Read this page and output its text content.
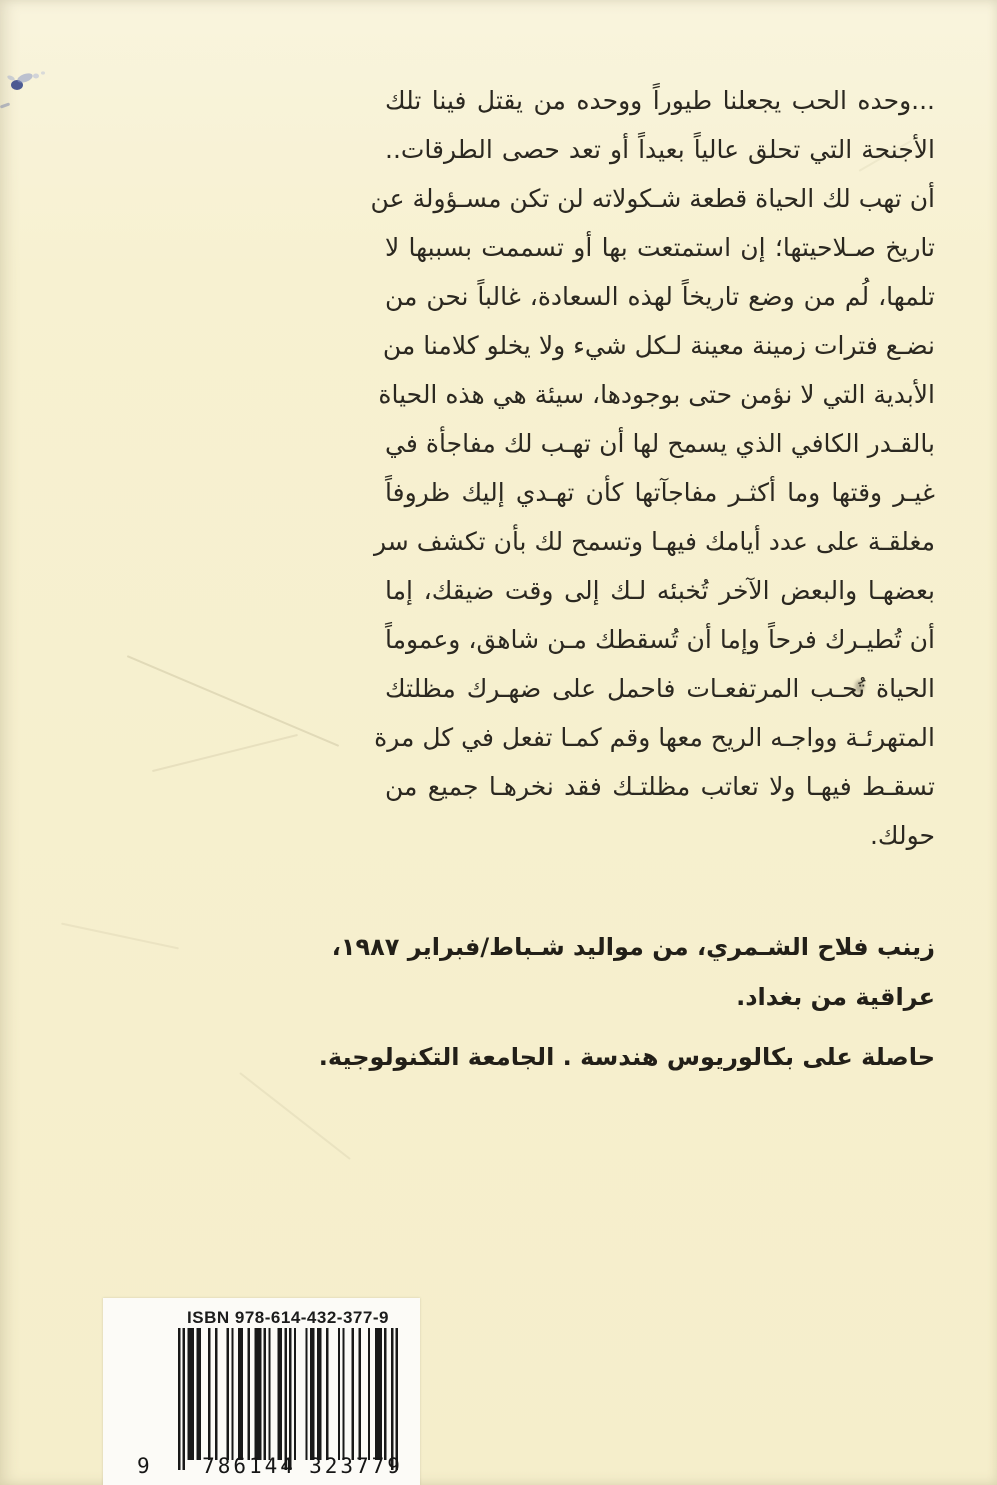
...وحده الحب يجعلنا طيوراً ووحده من يقتل فينا تلك
الأجنحة التي تحلق عالياً بعيداً أو تعد حصى الطرقات..
أن تهب لك الحياة قطعة شـكولاته لن تكن مسـؤولة عن
تاريخ صـلاحيتها؛ إن استمتعت بها أو تسممت بسببها لا
تلمها، لُم من وضع تاريخاً لهذه السعادة، غالباً نحن من
نضـع فترات زمينة معينة لـكل شيء ولا يخلو كلامنا من
الأبدية التي لا نؤمن حتى بوجودها، سيئة هي هذه الحياة
بالقـدر الكافي الذي يسمح لها أن تهـب لك مفاجأة في
غيـر وقتها وما أكثـر مفاجآتها كأن تهـدي إليك ظروفاً
مغلقـة على عدد أيامك فيهـا وتسمح لك بأن تكشف سر
بعضهـا والبعض الآخر تُخبئه لـك إلى وقت ضيقك، إما
أن تُطيـرك فرحاً وإما أن تُسقطك مـن شاهق، وعموماً
الحياة تُحـب المرتفعـات فاحمل على ضهـرك مظلتك
المتهرئـة وواجـه الريح معها وقم كمـا تفعل في كل مرة
تسقـط فيهـا ولا تعاتب مظلتـك فقد نخرهـا جميع من
حولك.
زينب فلاح الشـمري، من مواليد شـباط/فبراير ١٩٨٧،
عراقية من بغداد.
حاصلة على بكالوريوس هندسة . الجامعة التكنولوجية.
ISBN 978-614-432-377-9
9	786144 323779
